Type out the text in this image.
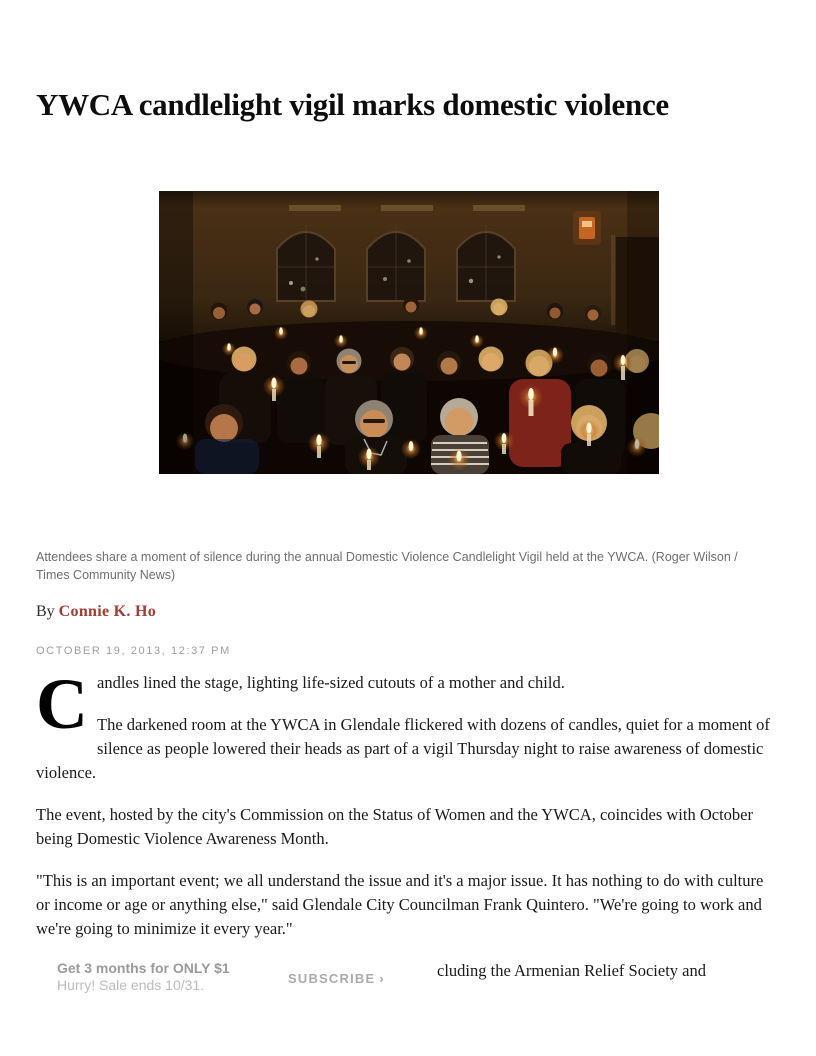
YWCA candlelight vigil marks domestic violence
Attendees share a moment of silence during the annual Domestic Violence Candlelight Vigil held at the YWCA. (Roger Wilson / Times Community News)
By Connie K. Ho
OCTOBER 19, 2013, 12:37 PM
C andles lined the stage, lighting life-sized cutouts of a mother and child.

The darkened room at the YWCA in Glendale flickered with dozens of candles, quiet for a moment of silence as people lowered their heads as part of a vigil Thursday night to raise awareness of domestic violence.

The event, hosted by the city's Commission on the Status of Women and the YWCA, coincides with October being Domestic Violence Awareness Month.

"This is an important event; we all understand the issue and it's a major issue. It has nothing to do with culture or income or age or anything else," said Glendale City Councilman Frank Quintero. "We're going to work and we're going to minimize it every year."

Get 3 months for ONLY $1
Hurry! Sale ends 10/31.	SUBSCRIBE ›	cluding the Armenian Relief Society and
